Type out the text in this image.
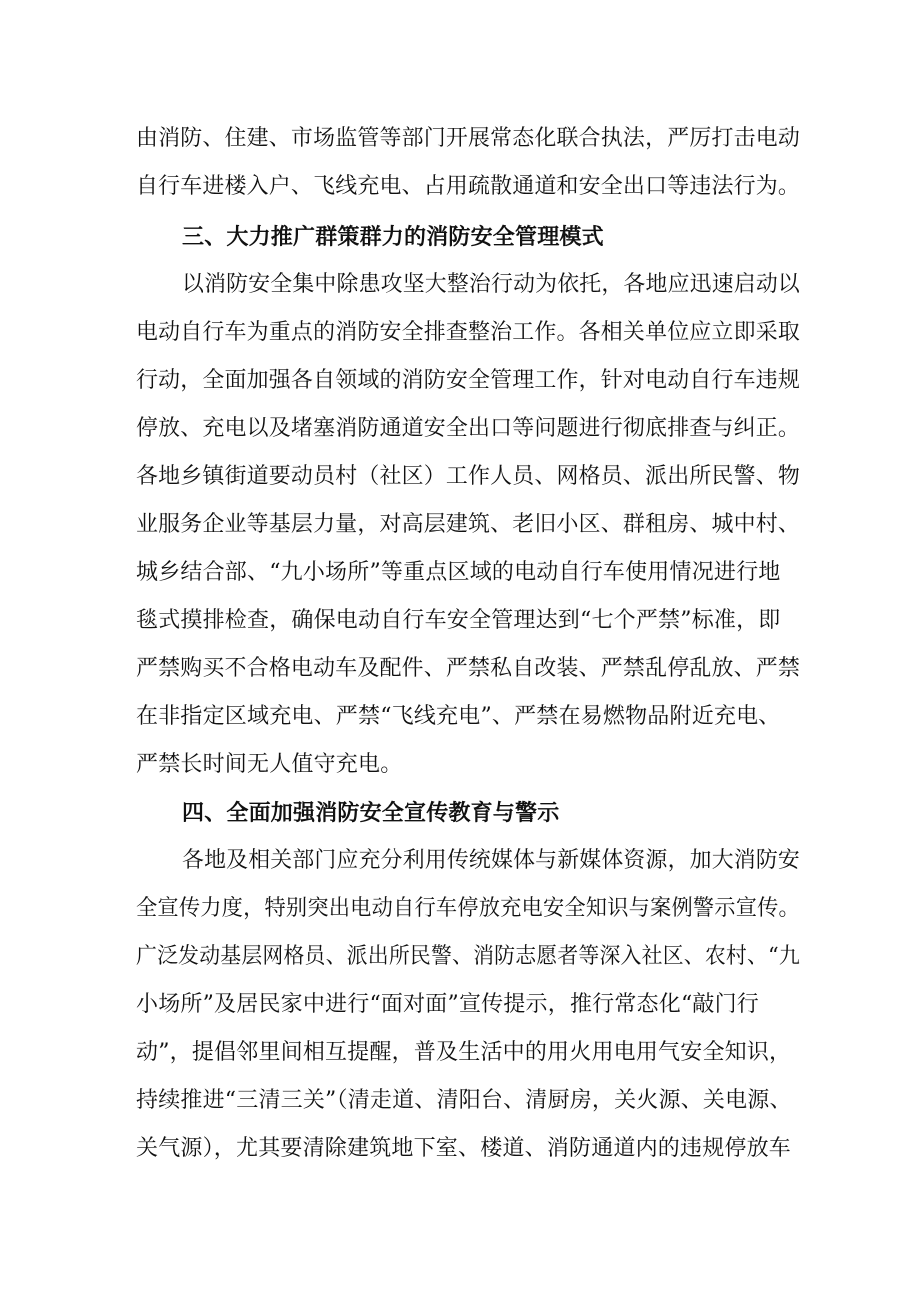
由消防、住建、市场监管等部门开展常态化联合执法，严厉打击电动

自行车进楼入户、飞线充电、占用疏散通道和安全出口等违法行为。

三、大力推广群策群力的消防安全管理模式

以消防安全集中除患攻坚大整治行动为依托，各地应迅速启动以

电动自行车为重点的消防安全排查整治工作。各相关单位应立即采取

行动，全面加强各自领域的消防安全管理工作，针对电动自行车违规

停放、充电以及堵塞消防通道安全出口等问题进行彻底排查与纠正。

各地乡镇街道要动员村（社区）工作人员、网格员、派出所民警、物

业服务企业等基层力量，对高层建筑、老旧小区、群租房、城中村、

城乡结合部、“九小场所”等重点区域的电动自行车使用情况进行地

毯式摸排检查，确保电动自行车安全管理达到“七个严禁”标准，即

严禁购买不合格电动车及配件、严禁私自改装、严禁乱停乱放、严禁

在非指定区域充电、严禁“飞线充电”、严禁在易燃物品附近充电、

严禁长时间无人值守充电。

四、全面加强消防安全宣传教育与警示

各地及相关部门应充分利用传统媒体与新媒体资源，加大消防安

全宣传力度，特别突出电动自行车停放充电安全知识与案例警示宣传。

广泛发动基层网格员、派出所民警、消防志愿者等深入社区、农村、“九

小场所”及居民家中进行“面对面”宣传提示，推行常态化“敲门行

动”，提倡邻里间相互提醒，普及生活中的用火用电用气安全知识，

持续推进“三清三关”（清走道、清阳台、清厨房，关火源、关电源、

关气源），尤其要清除建筑地下室、楼道、消防通道内的违规停放车
